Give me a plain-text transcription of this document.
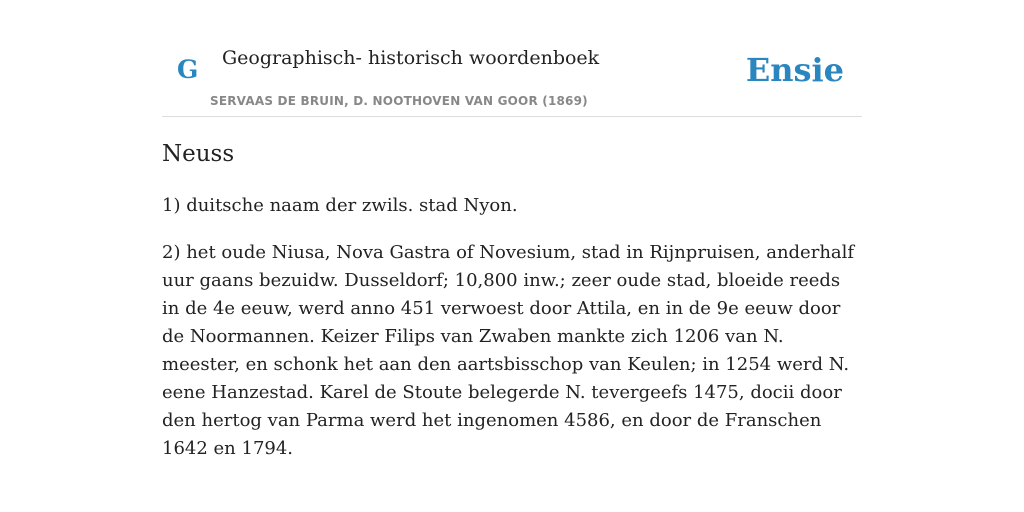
G Geographisch- historisch woordenboek
SERVAAS DE BRUIN, D. NOOTHOVEN VAN GOOR (1869)
Ensie
Neuss

1) duitsche naam der zwils. stad Nyon.

2) het oude Niusa, Nova Gastra of Novesium, stad in Rijnpruisen, anderhalf uur gaans bezuidw. Dusseldorf; 10,800 inw.; zeer oude stad, bloeide reeds in de 4e eeuw, werd anno 451 verwoest door Attila, en in de 9e eeuw door de Noormannen. Keizer Filips van Zwaben mankte zich 1206 van N. meester, en schonk het aan den aartsbisschop van Keulen; in 1254 werd N. eene Hanzestad. Karel de Stoute belegerde N. tevergeefs 1475, docii door den hertog van Parma werd het ingenomen 4586, en door de Franschen 1642 en 1794.
